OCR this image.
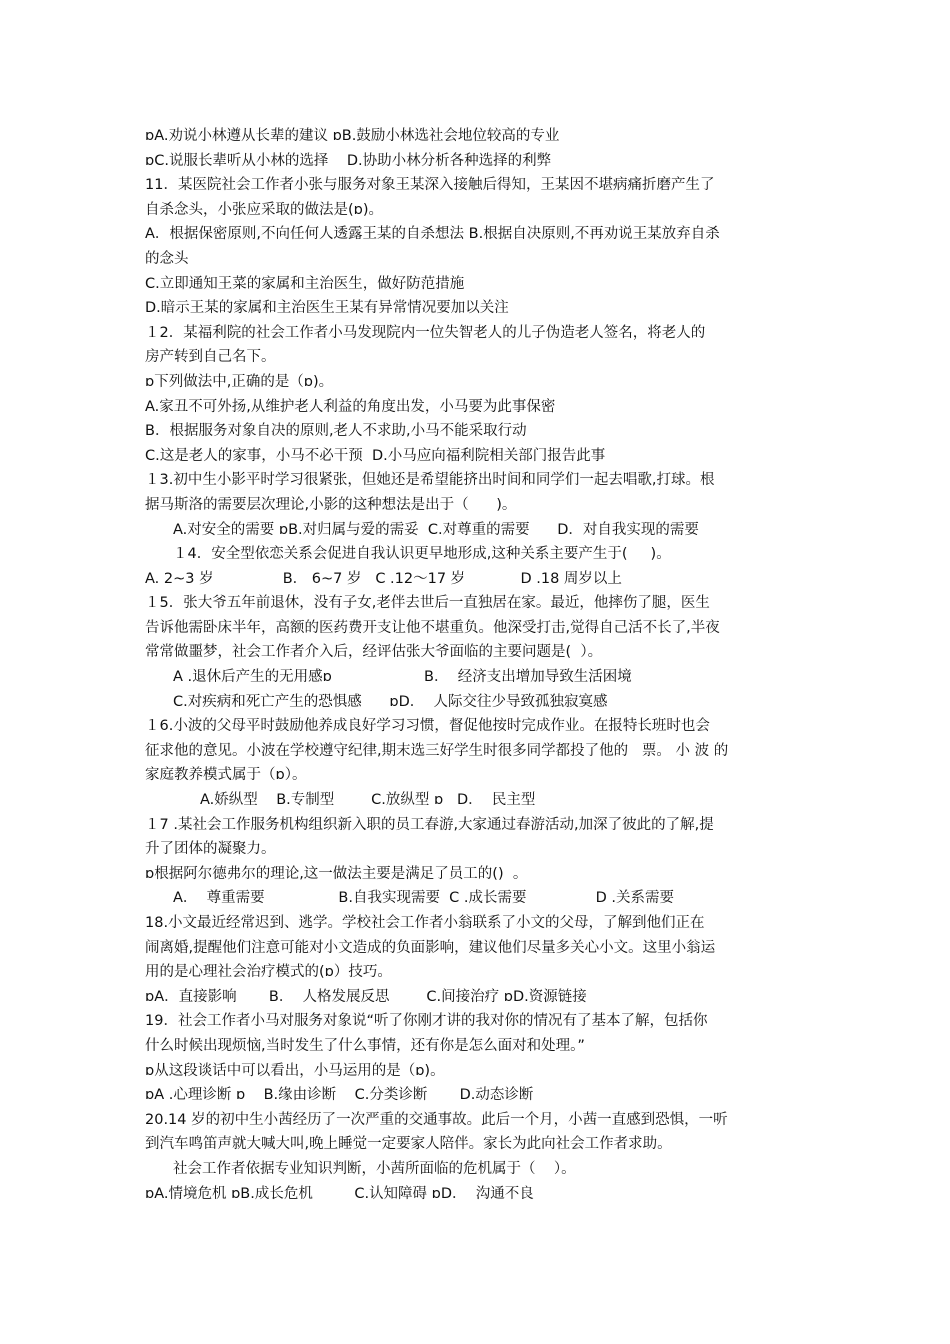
ɒA.劝说小林遵从长辈的建议 ɒB.鼓励小林选社会地位较高的专业
ɒC.说服长辈听从小林的选择    D.协助小林分析各种选择的利弊
11．某医院社会工作者小张与服务对象王某深入接触后得知，王某因不堪病痛折磨产生了
自杀念头，小张应采取的做法是(ɒ)。
A．根据保密原则,不向任何人透露王某的自杀想法 B.根据自决原则,不再劝说王某放弃自杀
的念头
C.立即通知王菜的家属和主治医生，做好防范措施
D.暗示王某的家属和主治医生王某有异常情况要加以关注
１2．某福利院的社会工作者小马发现院内一位失智老人的儿子伪造老人签名，将老人的
房产转到自己名下。
ɒ下列做法中,正确的是（ɒ)。
A.家丑不可外扬,从维护老人利益的角度出发，小马要为此事保密
B．根据服务对象自决的原则,老人不求助,小马不能采取行动
C.这是老人的家事，小马不必干预  D.小马应向福利院相关部门报告此事
１3.初中生小影平时学习很紧张，但她还是希望能挤出时间和同学们一起去唱歌,打球。根
据马斯洛的需要层次理论,小影的这种想法是出于（      )。
A.对安全的需要 ɒB.对归属与爱的需妥  C.对尊重的需要      D．对自我实现的需要
１4．安全型依恋关系会促进自我认识更早地形成,这种关系主要产生于(     )。
A. 2~3 岁               B． 6~7 岁   C .12～17 岁            D .18 周岁以上
１5．张大爷五年前退休，没有子女,老伴去世后一直独居在家。最近，他摔伤了腿，医生
告诉他需卧床半年，高额的医药费开支让他不堪重负。他深受打击,觉得自己活不长了,半夜
常常做噩梦，社会工作者介入后，经评估张大爷面临的主要问题是(  ）。
A .退休后产生的无用感ɒ                    B．  经济支出增加导致生活困境
C.对疾病和死亡产生的恐惧感      ɒD．  人际交往少导致孤独寂寞感
１6.小波的父母平时鼓励他养成良好学习习惯，督促他按时完成作业。在报特长班时也会
征求他的意见。小波在学校遵守纪律,期末选三好学生时很多同学都投了他的   票。 小 波 的
家庭教养模式属于（ɒ）。
A.娇纵型    B.专制型        C.放纵型 ɒ   D．  民主型
１7 .某社会工作服务机构组织新入职的员工春游,大家通过春游活动,加深了彼此的了解,提
升了团体的凝聚力。
ɒ根据阿尔德弗尔的理论,这一做法主要是满足了员工的()  。
A．  尊重需要                B.自我实现需要  C .成长需要               D .关系需要
18.小文最近经常迟到、逃学。学校社会工作者小翁联系了小文的父母，了解到他们正在
闹离婚,提醒他们注意可能对小文造成的负面影响，建议他们尽量多关心小文。这里小翁运
用的是心理社会治疗模式的(ɒ）技巧。
ɒA．直接影响       B．  人格发展反思        C.间接治疗 ɒD.资源链接
19．社会工作者小马对服务对象说“听了你刚才讲的我对你的情况有了基本了解，包括你
什么时候出现烦恼,当时发生了什么事情，还有你是怎么面对和处理。”
ɒ从这段谈话中可以看出，小马运用的是（ɒ)。
ɒA .心理诊断 ɒ    B.缘由诊断    C.分类诊断       D.动态诊断
20.14 岁的初中生小茜经历了一次严重的交通事故。此后一个月，小茜一直感到恐惧，一听
到汽车鸣笛声就大喊大叫,晚上睡觉一定要家人陪伴。家长为此向社会工作者求助。
社会工作者依据专业知识判断，小茜所面临的危机属于（    ）。
ɒA.情境危机 ɒB.成长危机         C.认知障碍 ɒD．  沟通不良
